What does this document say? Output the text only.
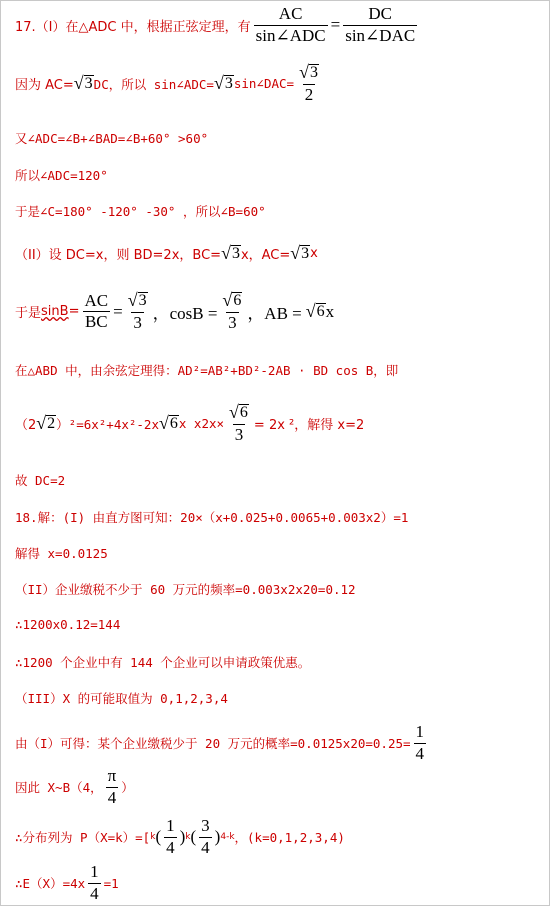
17.（I）在△ADC 中，根据正弦定理，有 $\frac{AC}{\text{sin∠ADC}} = \frac{DC}{\text{sin∠DAC}}$
因为 AC= √ 3 DC，所以 sin∠ADC= √ 3 sin∠DAC= $\frac{√ 3}{2}$
又∠ADC=∠B+∠BAD=∠B+60° >60°
所以∠ADC=120°
于是∠C=180° -120° -30° ，所以∠B=60°
（II）设 DC=x，则 BD=2x，BC= √ 3 x，AC= √ 3 x
于是 $\sin B = \frac{AC}{BC} = \frac{√ 3}{3}$ ，$\cos B = \frac{√ 6}{3}$ ，AB = √ 6 x
在△ABD 中，由余弦定理得：AD²=AB²+BD²-2AB · BD cos B，即
（2 √ 2 ）²=6x²+4x²-2x √ 6 x $x2x\times \frac{√ 6}{3} = 2x$ ²，解得 x=2
故 DC=2
18.解：(I) 由直方图可知：20×（x+0.025+0.0065+0.003x2）=1
解得 x=0.0125
（II）企业缴税不少于 60 万元的频率=0.003x2x20=0.12
∴1200x0.12=144
∴1200 个企业中有 144 个企业可以申请政策优惠。
（III）X 的可能取值为 0,1,2,3,4
由（I）可得：某个企业缴税少于 20 万元的概率$=0.0125x20=0.25= \frac{1}{4}$
因此 X~B（4， $\frac{\pi}{4}$ ）
∴分布列为 P（X=k）=[ k ( $\frac{1}{4}$ ) k ( $\frac{3}{4}$ ) 4-k ，(k=0,1,2,3,4)
∴E（X）=4x $\frac{1}{4} =1$
